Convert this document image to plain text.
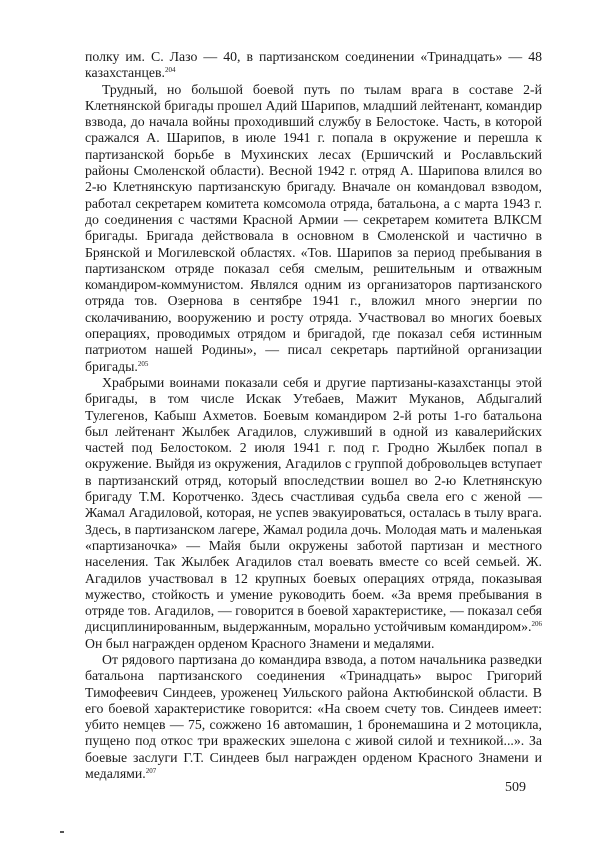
полку им. С. Лазо — 40, в партизанском соединении «Тринадцать» — 48 казахстанцев.$^{204}$

Трудный, но большой боевой путь по тылам врага в составе 2-й Клетнянской бригады прошел Адий Шарипов, младший лейтенант, командир взвода, до начала войны проходивший службу в Белостоке. Часть, в которой сражался А. Шарипов, в июле 1941 г. попала в окружение и перешла к партизанской борьбе в Мухинских лесах (Ершичский и Рославльский районы Смоленской области). Весной 1942 г. отряд А. Шарипова влился во 2-ю Клетнянскую партизанскую бригаду. Вначале он командовал взводом, работал секретарем комитета комсомола отряда, батальона, а с марта 1943 г. до соединения с частями Красной Армии — секретарем комитета ВЛКСМ бригады. Бригада действовала в основном в Смоленской и частично в Брянской и Могилевской областях. «Тов. Шарипов за период пребывания в партизанском отряде показал себя смелым, решительным и отважным командиром-коммунистом. Являлся одним из организаторов партизанского отряда тов. Озернова в сентябре 1941 г., вложил много энергии по сколачиванию, вооружению и росту отряда. Участвовал во многих боевых операциях, проводимых отрядом и бригадой, где показал себя истинным патриотом нашей Родины», — писал секретарь партийной организации бригады.$^{205}$

Храбрыми воинами показали себя и другие партизаны-казахстанцы этой бригады, в том числе Искак Утебаев, Мажит Муканов, Абдыгалий Тулегенов, Кабыш Ахметов. Боевым командиром 2-й роты 1-го батальона был лейтенант Жылбек Агадилов, служивший в одной из кавалерийских частей под Белостоком. 2 июля 1941 г. под г. Гродно Жылбек попал в окружение. Выйдя из окружения, Агадилов с группой добровольцев вступает в партизанский отряд, который впоследствии вошел во 2-ю Клетнянскую бригаду Т.М. Коротченко. Здесь счастливая судьба свела его с женой — Жамал Агадиловой, которая, не успев эвакуироваться, осталась в тылу врага. Здесь, в партизанском лагере, Жамал родила дочь. Молодая мать и маленькая «партизаночка» — Майя были окружены заботой партизан и местного населения. Так Жылбек Агадилов стал воевать вместе со всей семьей. Ж. Агадилов участвовал в 12 крупных боевых операциях отряда, показывая мужество, стойкость и умение руководить боем. «За время пребывания в отряде тов. Агадилов, — говорится в боевой характеристике, — показал себя дисциплинированным, выдержанным, морально устойчивым командиром».$^{206}$ Он был награжден орденом Красного Знамени и медалями.

От рядового партизана до командира взвода, а потом начальника разведки батальона партизанского соединения «Тринадцать» вырос Григорий Тимофеевич Синдеев, уроженец Уильского района Актюбинской области. В его боевой характеристике говорится: «На своем счету тов. Синдеев имеет: убито немцев — 75, сожжено 16 автомашин, 1 бронемашина и 2 мотоцикла, пущено под откос три вражеских эшелона с живой силой и техникой...». За боевые заслуги Г.Т. Синдеев был награжден орденом Красного Знамени и медалями.$^{207}$

509
